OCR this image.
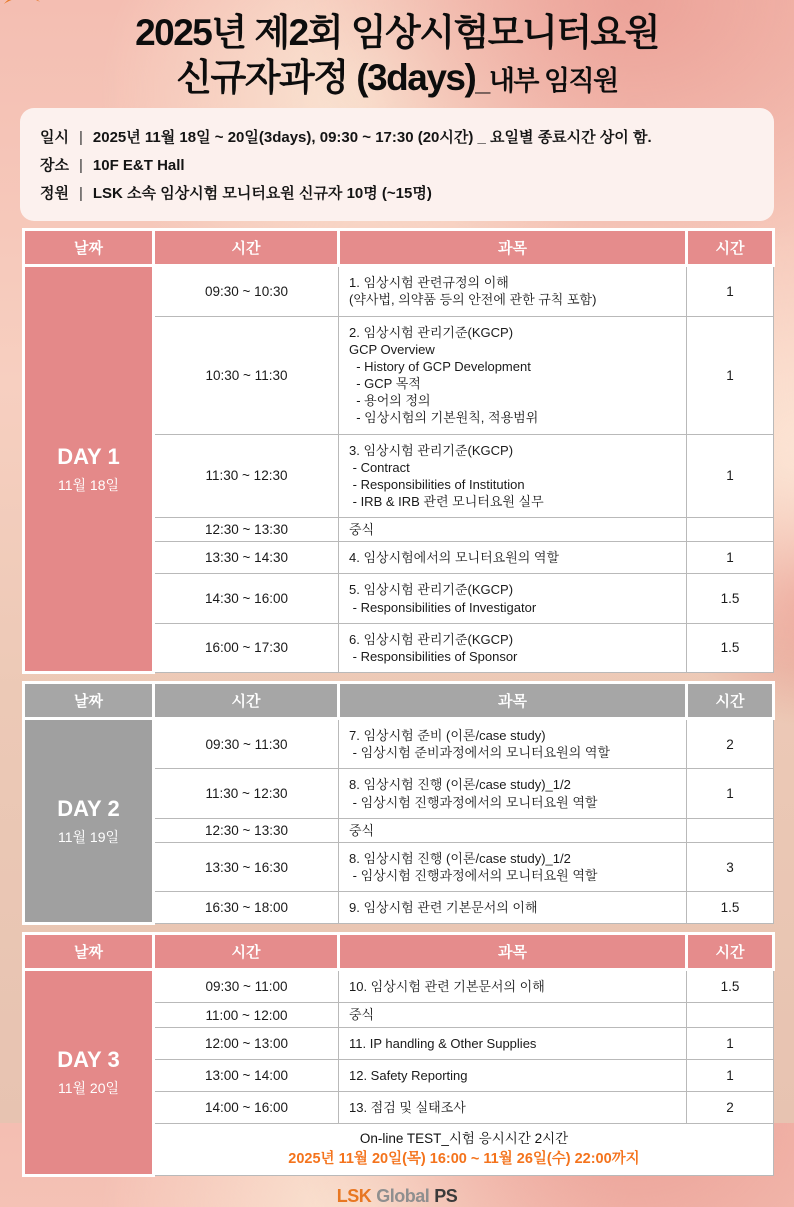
2025년 제2회 임상시험모니터요원
신규자과정 (3days)_내부 임직원
일시 | 2025년 11월 18일 ~ 20일(3days), 09:30 ~ 17:30 (20시간) _ 요일별 종료시간 상이 함.
장소 | 10F E&T Hall
정원 | LSK 소속 임상시험 모니터요원 신규자 10명 (~15명)
날짜	시간	과목	시간

DAY 1
11월 18일
	09:30 ~ 10:30	
1. 임상시험 관련규정의 이해
(약사법, 의약품 등의 안전에 관한 규칙 포함)
	1
10:30 ~ 11:30	
2. 임상시험 관리기준(KGCP)
GCP Overview
- History of GCP Development
- GCP 목적
- 용어의 정의
- 임상시험의 기본원칙, 적용범위
	1
	11:30 ~ 12:30	3. 임상시험 관리기준(KGCP)
- Contract
- Responsibilities of Institution
- IRB & IRB 관련 모니터요원 실무	1
	12:30 ~ 13:30	중식	

	13:30 ~ 14:30	4. 임상시험에서의 모니터요원의 역할	1
	14:30 ~ 16:00	5. 임상시험 관리기준(KGCP)
- Responsibilities of Investigator	1.5
	16:00 ~ 17:30	6. 임상시험 관리기준(KGCP)
- Responsibilities of Sponsor	1.5
날짜	시간	과목	시간

DAY 2
11월 19일
	09:30 ~ 11:30	
7. 임상시험 준비 (이론/case study)
- 임상시험 준비과정에서의 모니터요원의 역할
	2
	11:30 ~ 12:30	8. 임상시험 진행 (이론/case study)_1/2
- 임상시험 진행과정에서의 모니터요원 역할	1
	12:30 ~ 13:30	중식	

	13:30 ~ 16:30	8. 임상시험 진행 (이론/case study)_1/2
- 임상시험 진행과정에서의 모니터요원 역할	3
	16:30 ~ 18:00	9. 임상시험 관련 기본문서의 이해	1.5
날짜	시간	과목	시간

DAY 3
11월 20일	09:30 ~ 11:00	10. 임상시험 관련 기본문서의 이해	1.5
	11:00 ~ 12:00	중식	

	12:00 ~ 13:00	11. IP handling & Other Supplies	1
	13:00 ~ 14:00	12. Safety Reporting	1
	14:00 ~ 16:00	13. 점검 및 실태조사	2

	On-line TEST_시험 응시시간 2시간
2025년 11월 20일(목) 16:00 ~ 11월 26일(수) 22:00까지		
LSK Global PS
